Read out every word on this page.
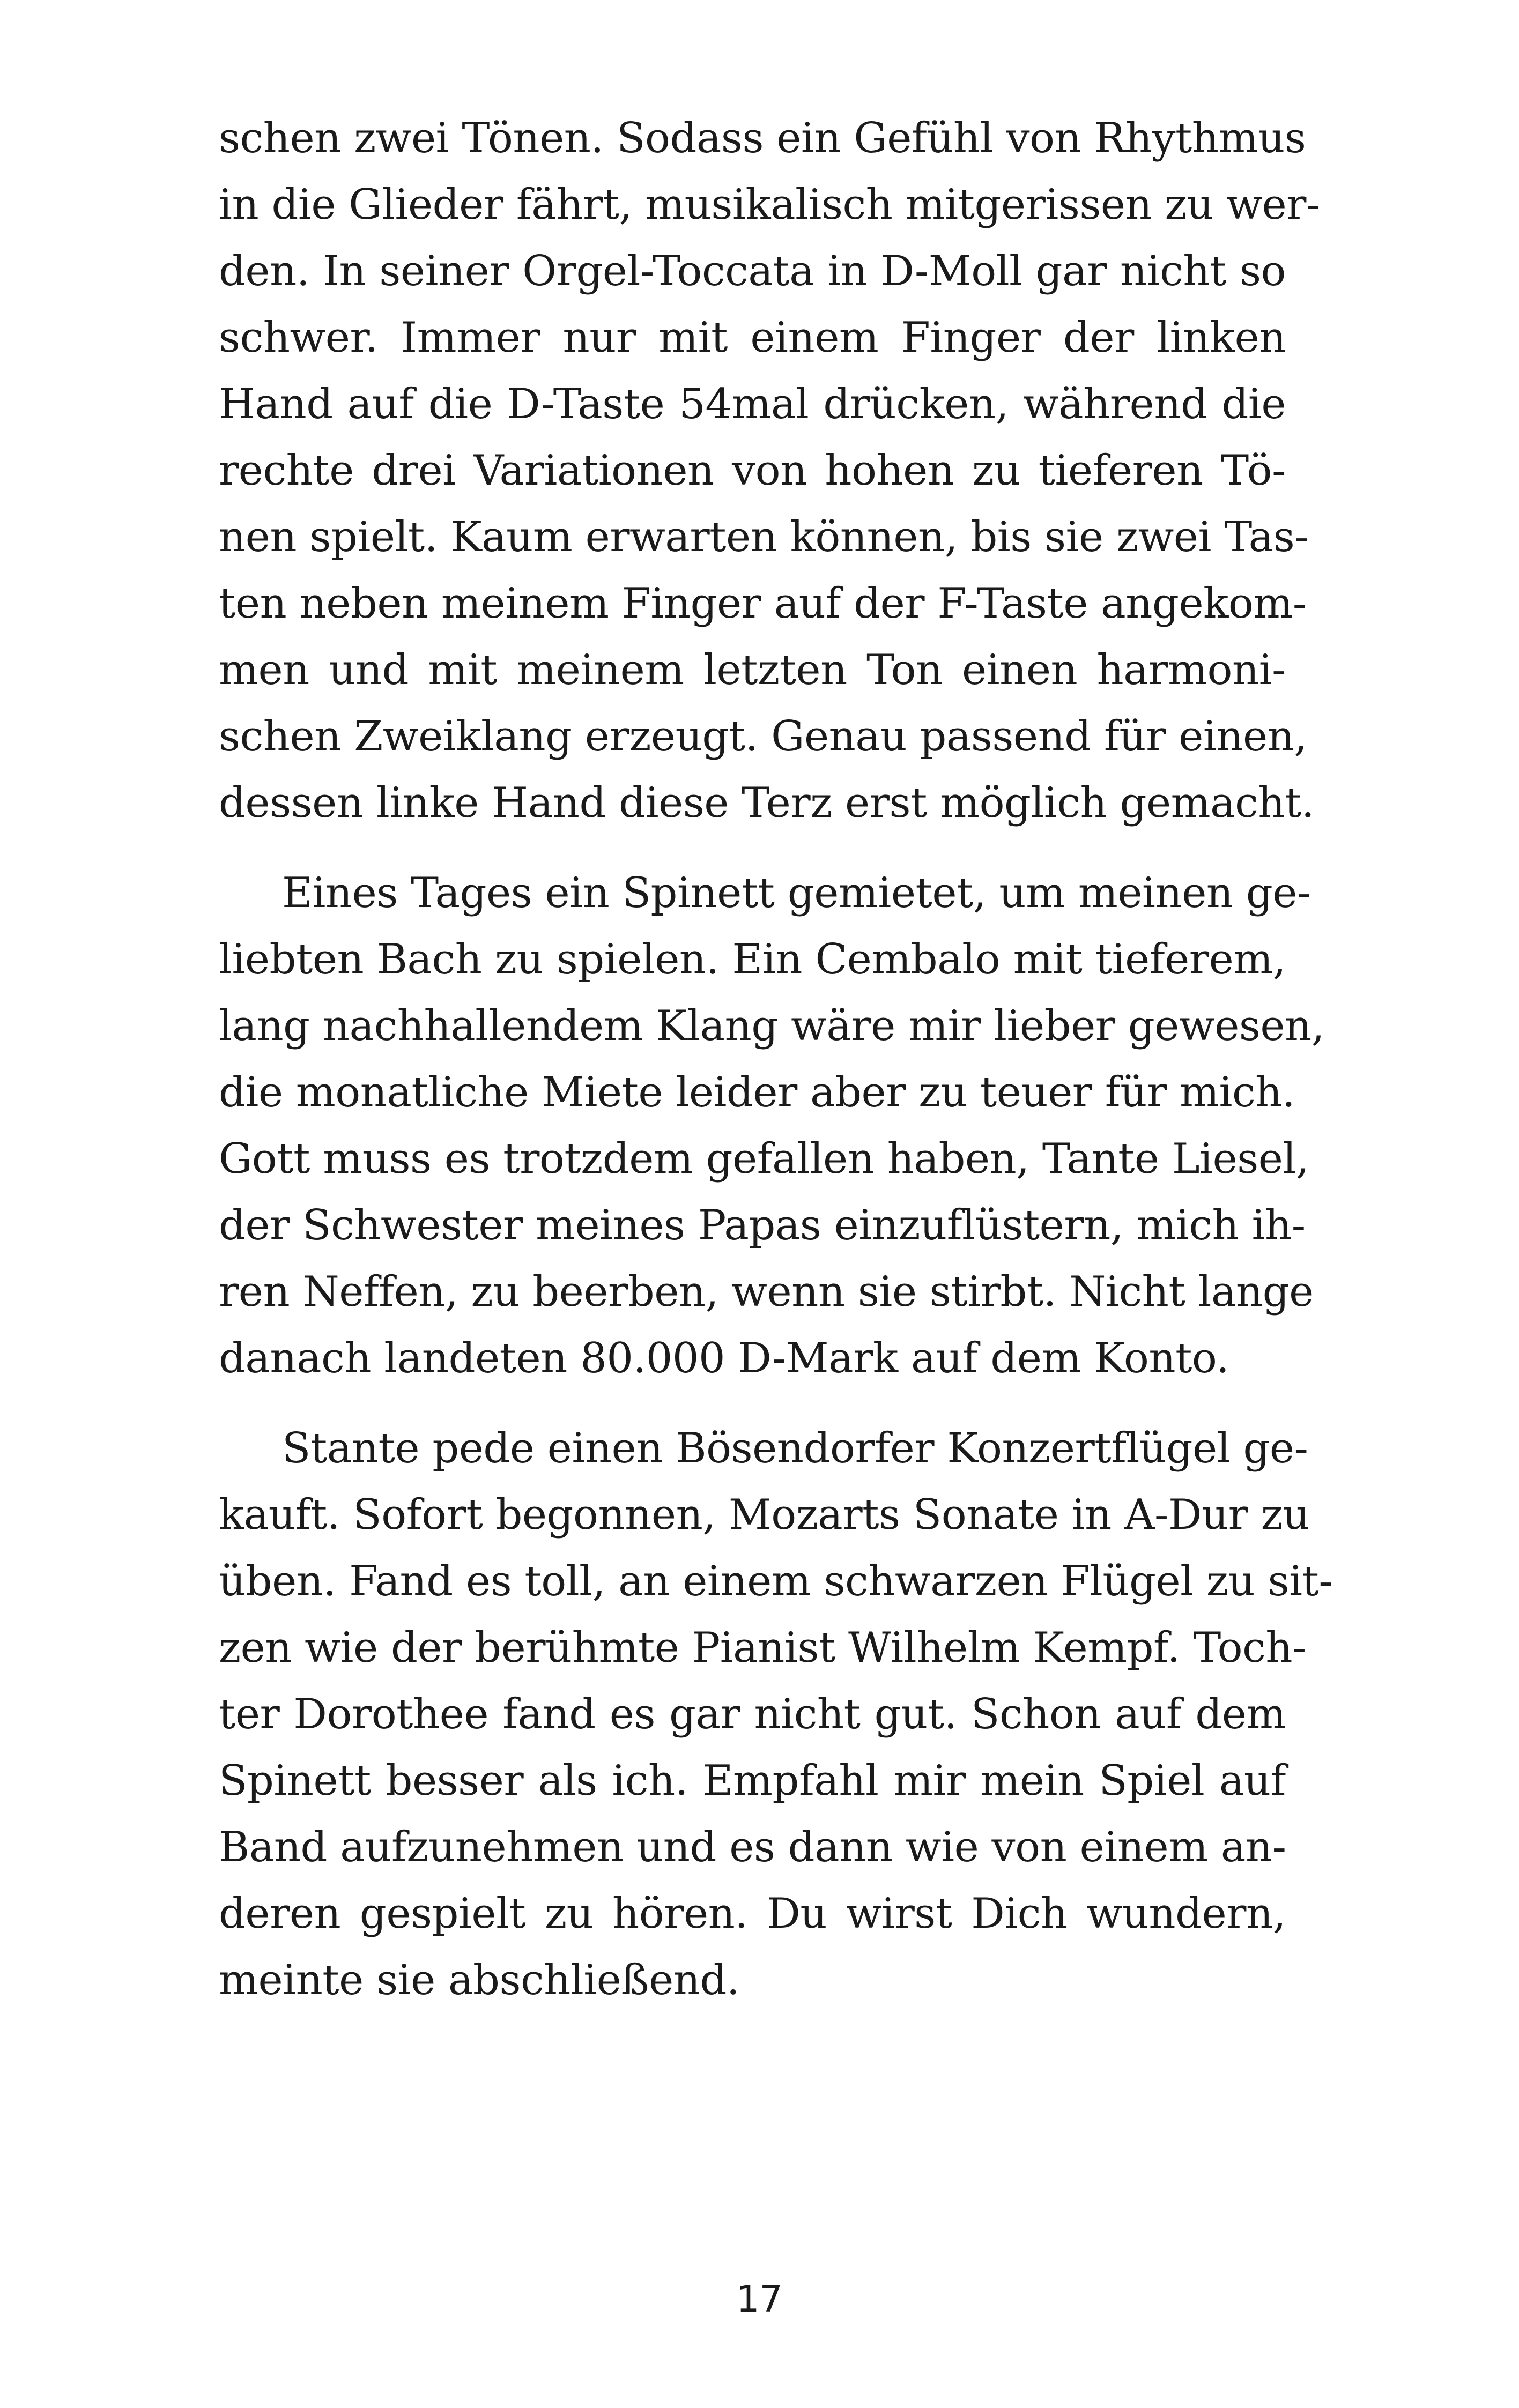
schen zwei Tönen. Sodass ein Gefühl von Rhythmus
in die Glieder fährt, musikalisch mitgerissen zu wer-
den. In seiner Orgel-Toccata in D-Moll gar nicht so
schwer. Immer nur mit einem Finger der linken
Hand auf die D-Taste 54mal drücken, während die
rechte drei Variationen von hohen zu tieferen Tö-
nen spielt. Kaum erwarten können, bis sie zwei Tas-
ten neben meinem Finger auf der F-Taste angekom-
men und mit meinem letzten Ton einen harmoni-
schen Zweiklang erzeugt. Genau passend für einen,
dessen linke Hand diese Terz erst möglich gemacht.
Eines Tages ein Spinett gemietet, um meinen ge-
liebten Bach zu spielen. Ein Cembalo mit tieferem,
lang nachhallendem Klang wäre mir lieber gewesen,
die monatliche Miete leider aber zu teuer für mich.
Gott muss es trotzdem gefallen haben, Tante Liesel,
der Schwester meines Papas einzuflüstern, mich ih-
ren Neffen, zu beerben, wenn sie stirbt. Nicht lange
danach landeten 80.000 D-Mark auf dem Konto.
Stante pede einen Bösendorfer Konzertflügel ge-
kauft. Sofort begonnen, Mozarts Sonate in A-Dur zu
üben. Fand es toll, an einem schwarzen Flügel zu sit-
zen wie der berühmte Pianist Wilhelm Kempf. Toch-
ter Dorothee fand es gar nicht gut. Schon auf dem
Spinett besser als ich. Empfahl mir mein Spiel auf
Band aufzunehmen und es dann wie von einem an-
deren gespielt zu hören. Du wirst Dich wundern,
meinte sie abschließend.
17
